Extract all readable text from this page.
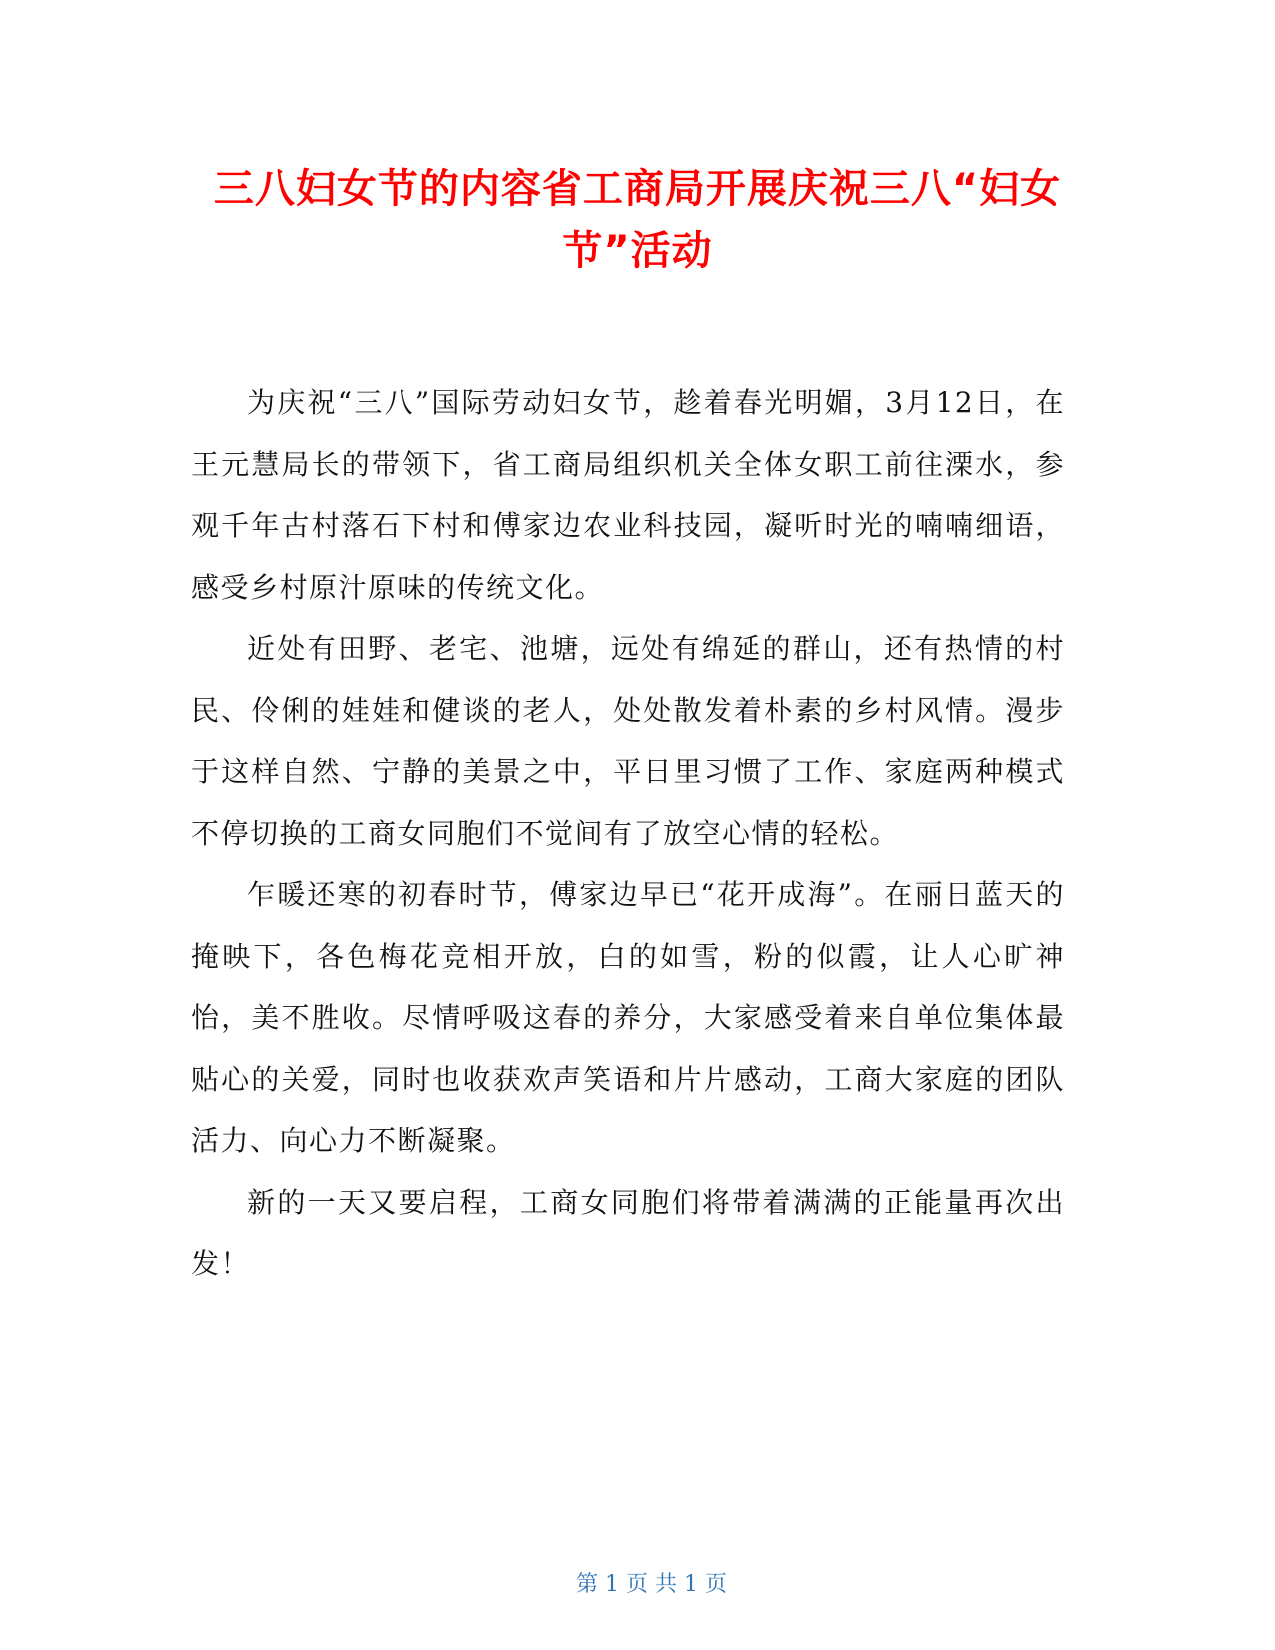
三八妇女节的内容省工商局开展庆祝三八“妇女节”活动

为庆祝“三八”国际劳动妇女节，趁着春光明媚，3月12日，在王元慧局长的带领下，省工商局组织机关全体女职工前往溧水，参观千年古村落石下村和傅家边农业科技园，凝听时光的喃喃细语，感受乡村原汁原味的传统文化。

近处有田野、老宅、池塘，远处有绵延的群山，还有热情的村民、伶俐的娃娃和健谈的老人，处处散发着朴素的乡村风情。漫步于这样自然、宁静的美景之中，平日里习惯了工作、家庭两种模式不停切换的工商女同胞们不觉间有了放空心情的轻松。

乍暖还寒的初春时节，傅家边早已“花开成海”。在丽日蓝天的掩映下，各色梅花竞相开放，白的如雪，粉的似霞，让人心旷神怡，美不胜收。尽情呼吸这春的养分，大家感受着来自单位集体最贴心的关爱，同时也收获欢声笑语和片片感动，工商大家庭的团队活力、向心力不断凝聚。

新的一天又要启程，工商女同胞们将带着满满的正能量再次出发！

第 1 页 共 1 页
